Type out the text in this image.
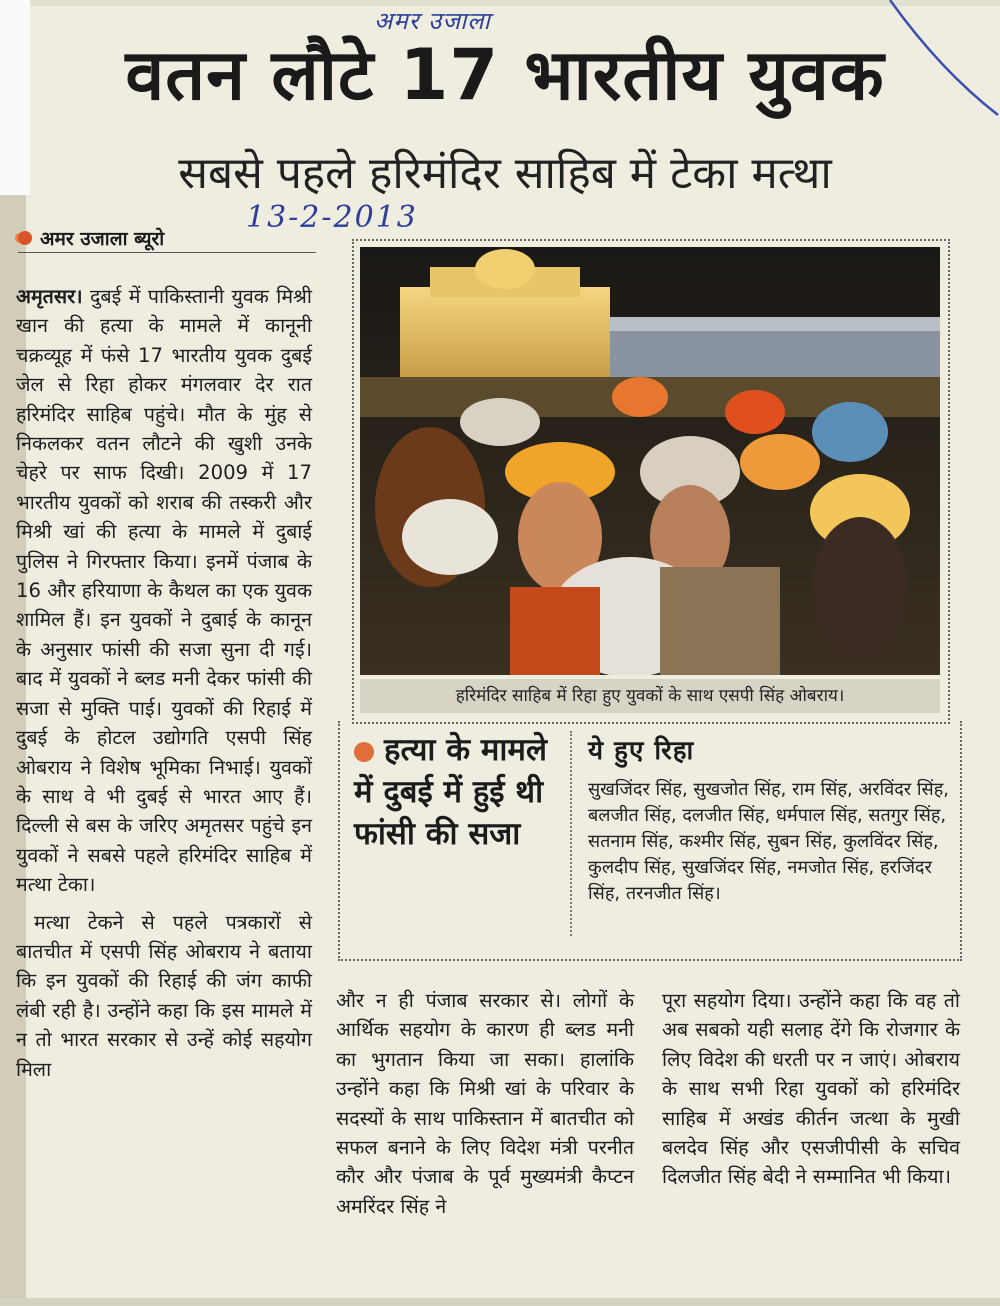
अमर उजाला
वतन लौटे 17 भारतीय युवक
सबसे पहले हरिमंदिर साहिब में टेका मत्था
अमर उजाला ब्यूरो
13-2-2013

अमृतसर। दुबई में पाकिस्तानी युवक मिश्री खान की हत्या के मामले में कानूनी चक्रव्यूह में फंसे 17 भारतीय युवक दुबई जेल से रिहा होकर मंगलवार देर रात हरिमंदिर साहिब पहुंचे। मौत के मुंह से निकलकर वतन लौटने की खुशी उनके चेहरे पर साफ दिखी। 2009 में 17 भारतीय युवकों को शराब की तस्करी और मिश्री खां की हत्या के मामले में दुबाई पुलिस ने गिरफ्तार किया। इनमें पंजाब के 16 और हरियाणा के कैथल का एक युवक शामिल हैं। इन युवकों ने दुबाई के कानून के अनुसार फांसी की सजा सुना दी गई। बाद में युवकों ने ब्लड मनी देकर फांसी की सजा से मुक्ति पाई। युवकों की रिहाई में दुबई के होटल उद्योगति एसपी सिंह ओबराय ने विशेष भूमिका निभाई। युवकों के साथ वे भी दुबई से भारत आए हैं। दिल्ली से बस के जरिए अमृतसर पहुंचे इन युवकों ने सबसे पहले हरिमंदिर साहिब में मत्था टेका।

मत्था टेकने से पहले पत्रकारों से बातचीत में एसपी सिंह ओबराय ने बताया कि इन युवकों की रिहाई की जंग काफी लंबी रही है। उन्होंने कहा कि इस मामले में न तो भारत सरकार से उन्हें कोई सहयोग मिला

हरिमंदिर साहिब में रिहा हुए युवकों के साथ एसपी सिंह ओबराय।
हत्या के मामले में दुबई में हुई थी फांसी की सजा
ये हुए रिहा
सुखजिंदर सिंह, सुखजोत सिंह, राम सिंह, अरविंदर सिंह, बलजीत सिंह, दलजीत सिंह, धर्मपाल सिंह, सतगुर सिंह, सतनाम सिंह, कश्मीर सिंह, सुबन सिंह, कुलविंदर सिंह, कुलदीप सिंह, सुखजिंदर सिंह, नमजोत सिंह, हरजिंदर सिंह, तरनजीत सिंह।
और न ही पंजाब सरकार से। लोगों के आर्थिक सहयोग के कारण ही ब्लड मनी का भुगतान किया जा सका। हालांकि उन्होंने कहा कि मिश्री खां के परिवार के सदस्यों के साथ पाकिस्तान में बातचीत को सफल बनाने के लिए विदेश मंत्री परनीत कौर और पंजाब के पूर्व मुख्यमंत्री कैप्टन अमरिंदर सिंह ने
पूरा सहयोग दिया। उन्होंने कहा कि वह तो अब सबको यही सलाह देंगे कि रोजगार के लिए विदेश की धरती पर न जाएं। ओबराय के साथ सभी रिहा युवकों को हरिमंदिर साहिब में अखंड कीर्तन जत्था के मुखी बलदेव सिंह और एसजीपीसी के सचिव दिलजीत सिंह बेदी ने सम्मानित भी किया।
